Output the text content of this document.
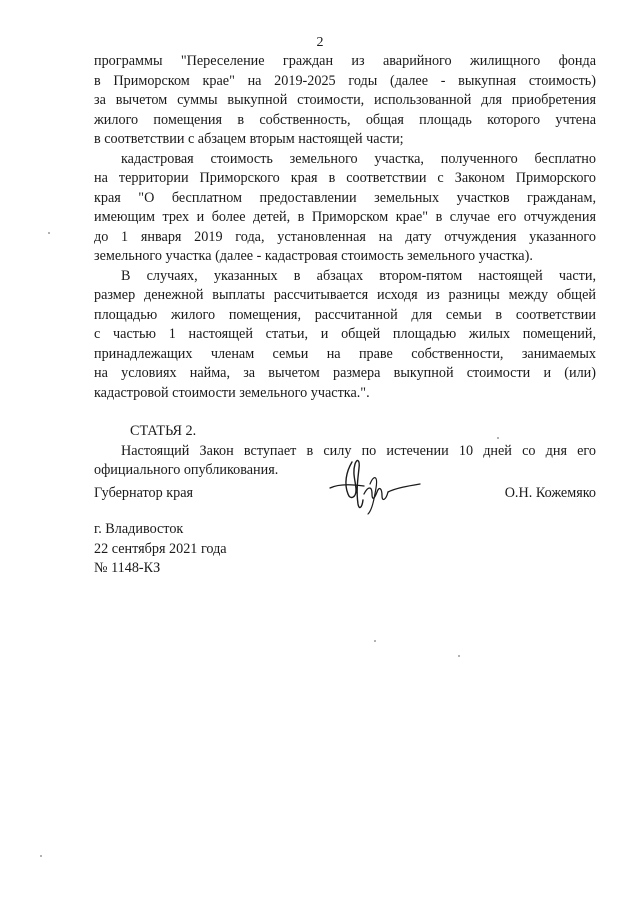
2

программы "Переселение граждан из аварийного жилищного фонда
в Приморском крае" на 2019-2025 годы (далее - выкупная стоимость)
за вычетом суммы выкупной стоимости, использованной для приобретения
жилого помещения в собственность, общая площадь которого учтена
в соответствии с абзацем вторым настоящей части;

кадастровая стоимость земельного участка, полученного бесплатно
на территории Приморского края в соответствии с Законом Приморского
края "О бесплатном предоставлении земельных участков гражданам,
имеющим трех и более детей, в Приморском крае" в случае его отчуждения
до 1 января 2019 года, установленная на дату отчуждения указанного
земельного участка (далее - кадастровая стоимость земельного участка).

В случаях, указанных в абзацах втором-пятом настоящей части,
размер денежной выплаты рассчитывается исходя из разницы между общей
площадью жилого помещения, рассчитанной для семьи в соответствии
с частью 1 настоящей статьи, и общей площадью жилых помещений,
принадлежащих членам семьи на праве собственности, занимаемых
на условиях найма, за вычетом размера выкупной стоимости и (или)
кадастровой стоимости земельного участка.".

СТАТЬЯ 2.

Настоящий Закон вступает в силу по истечении 10 дней со дня его
официального опубликования.

Губернатор края	О.Н. Кожемяко
г. Владивосток
22 сентября 2021 года
№ 1148-КЗ
